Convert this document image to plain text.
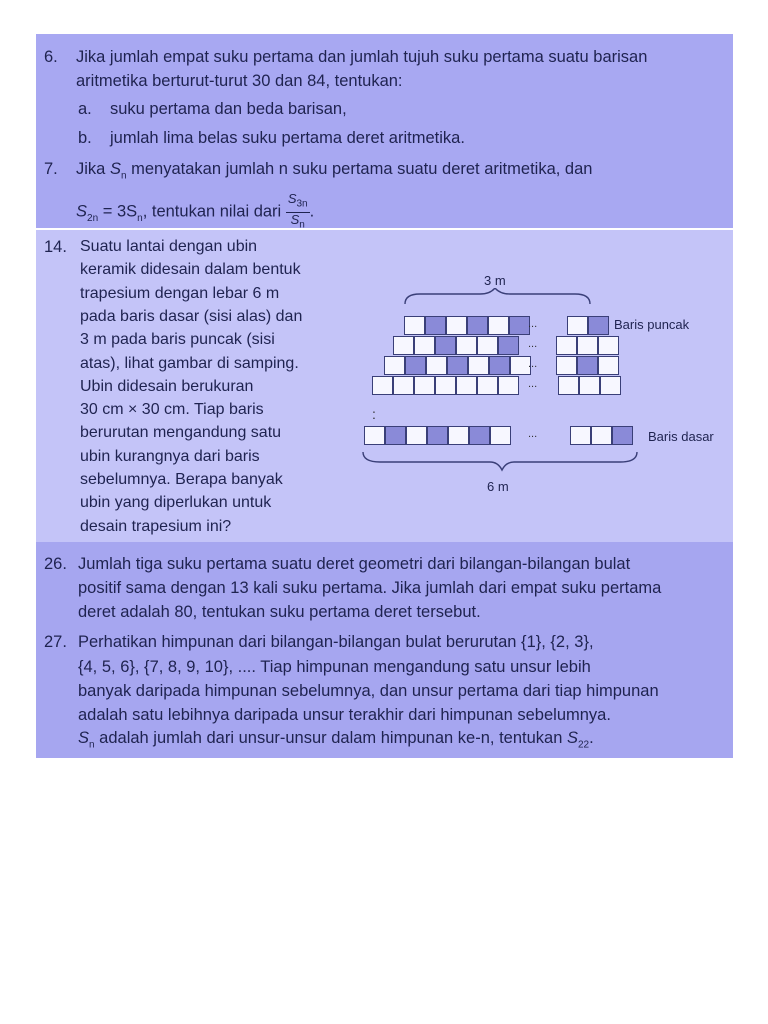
6. Jika jumlah empat suku pertama dan jumlah tujuh suku pertama suatu barisan
aritmetika berturut-turut 30 dan 84, tentukan:
a. suku pertama dan beda barisan,
b. jumlah lima belas suku pertama deret aritmetika.
7. Jika $S_n$ menyatakan jumlah n suku pertama suatu deret aritmetika, dan
$S_{2n} = 3S_n$, tentukan nilai dari $\frac{S_{3n}}{S_n}$ .
14. Suatu lantai dengan ubin
keramik didesain dalam bentuk
trapesium dengan lebar 6 m
pada baris dasar (sisi alas) dan
3 m pada baris puncak (sisi
atas), lihat gambar di samping.
Ubin didesain berukuran
30 cm × 30 cm. Tiap baris
berurutan mengandung satu
ubin kurangnya dari baris
sebelumnya. Berapa banyak
ubin yang diperlukan untuk
desain trapesium ini?
3 m
Baris puncak
Baris dasar
6 m
:
...
...
...
...
...
26. Jumlah tiga suku pertama suatu deret geometri dari bilangan-bilangan bulat
positif sama dengan 13 kali suku pertama. Jika jumlah dari empat suku pertama
deret adalah 80, tentukan suku pertama deret tersebut.
27. Perhatikan himpunan dari bilangan-bilangan bulat berurutan {1}, {2, 3},
{4, 5, 6}, {7, 8, 9, 10}, .... Tiap himpunan mengandung satu unsur lebih
banyak daripada himpunan sebelumnya, dan unsur pertama dari tiap himpunan
adalah satu lebihnya daripada unsur terakhir dari himpunan sebelumnya.
$S_n$ adalah jumlah dari unsur-unsur dalam himpunan ke-n, tentukan $S_{22}$.
